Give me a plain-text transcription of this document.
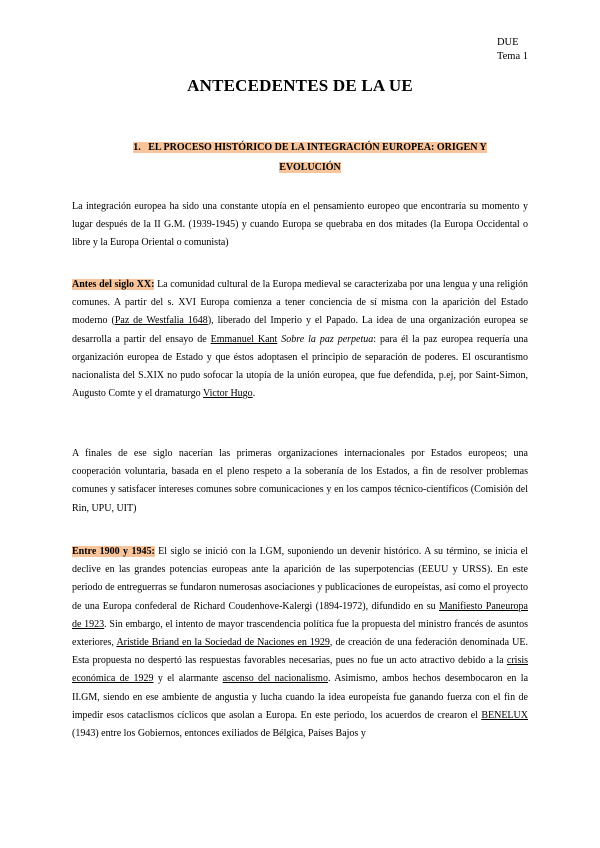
DUE
Tema 1
ANTECEDENTES DE LA UE
1. EL PROCESO HISTÓRICO DE LA INTEGRACIÓN EUROPEA: ORIGEN Y
EVOLUCIÓN
La integración europea ha sido una constante utopía en el pensamiento europeo que encontraría su momento y lugar después de la II G.M. (1939-1945) y cuando Europa se quebraba en dos mitades (la Europa Occidental o libre y la Europa Oriental o comunista)
Antes del siglo XX: La comunidad cultural de la Europa medieval se caracterizaba por una lengua y una religión comunes. A partir del s. XVI Europa comienza a tener conciencia de sí misma con la aparición del Estado moderno (Paz de Westfalia 1648), liberado del Imperio y el Papado. La idea de una organización europea se desarrolla a partir del ensayo de Emmanuel Kant Sobre la paz perpetua: para él la paz europea requería una organización europea de Estado y que éstos adoptasen el principio de separación de poderes. El oscurantismo nacionalista del S.XIX no pudo sofocar la utopía de la unión europea, que fue defendida, p.ej, por Saint-Simon, Augusto Comte y el dramaturgo Victor Hugo.
A finales de ese siglo nacerían las primeras organizaciones internacionales por Estados europeos; una cooperación voluntaria, basada en el pleno respeto a la soberanía de los Estados, a fin de resolver problemas comunes y satisfacer intereses comunes sobre comunicaciones y en los campos técnico-científicos (Comisión del Rin, UPU, UIT)
Entre 1900 y 1945: El siglo se inició con la I.GM, suponiendo un devenir histórico. A su término, se inicia el declive en las grandes potencias europeas ante la aparición de las superpotencias (EEUU y URSS). En este periodo de entreguerras se fundaron numerosas asociaciones y publicaciones de europeístas, así como el proyecto de una Europa confederal de Richard Coudenhove-Kalergi (1894-1972), difundido en su Manifiesto Paneuropa de 1923. Sin embargo, el intento de mayor trascendencia política fue la propuesta del ministro francés de asuntos exteriores, Aristide Briand en la Sociedad de Naciones en 1929, de creación de una federación denominada UE. Esta propuesta no despertó las respuestas favorables necesarias, pues no fue un acto atractivo debido a la crisis económica de 1929 y el alarmante ascenso del nacionalismo. Asimismo, ambos hechos desembocaron en la II.GM, siendo en ese ambiente de angustia y lucha cuando la idea europeísta fue ganando fuerza con el fin de impedir esos cataclismos cíclicos que asolan a Europa. En este periodo, los acuerdos de crearon el BENELUX (1943) entre los Gobiernos, entonces exiliados de Bélgica, Países Bajos y
